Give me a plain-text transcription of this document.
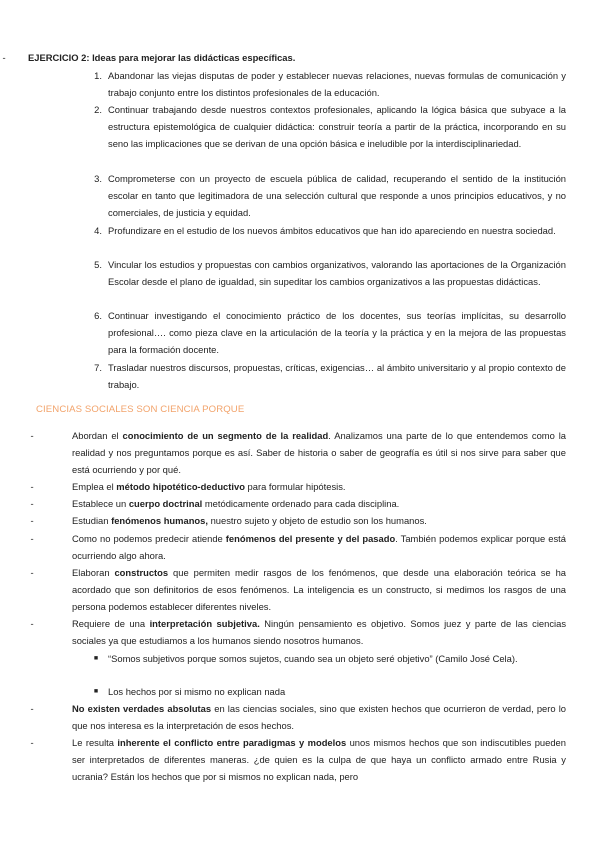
- EJERCICIO 2: Ideas para mejorar las didácticas específicas.
1. Abandonar las viejas disputas de poder y establecer nuevas relaciones, nuevas formulas de comunicación y trabajo conjunto entre los distintos profesionales de la educación.
2. Continuar trabajando desde nuestros contextos profesionales, aplicando la lógica básica que subyace a la estructura epistemológica de cualquier didáctica: construir teoría a partir de la práctica, incorporando en su seno las implicaciones que se derivan de una opción básica e ineludible por la interdisciplinariedad.
3. Comprometerse con un proyecto de escuela pública de calidad, recuperando el sentido de la institución escolar en tanto que legitimadora de una selección cultural que responde a unos principios educativos, y no comerciales, de justicia y equidad.
4. Profundizare en el estudio de los nuevos ámbitos educativos que han ido apareciendo en nuestra sociedad.
5. Vincular los estudios y propuestas con cambios organizativos, valorando las aportaciones de la Organización Escolar desde el plano de igualdad, sin supeditar los cambios organizativos a las propuestas didácticas.
6. Continuar investigando el conocimiento práctico de los docentes, sus teorías implícitas, su desarrollo profesional…. como pieza clave en la articulación de la teoría y la práctica y en la mejora de las propuestas para la formación docente.
7. Trasladar nuestros discursos, propuestas, críticas, exigencias… al ámbito universitario y al propio contexto de trabajo.
CIENCIAS SOCIALES SON CIENCIA PORQUE
-	Abordan el conocimiento de un segmento de la realidad. Analizamos una parte de lo que entendemos como la realidad y nos preguntamos porque es así. Saber de historia o saber de geografía es útil si nos sirve para saber que está ocurriendo y por qué.
-	Emplea el método hipotético-deductivo para formular hipótesis.
-	Establece un cuerpo doctrinal metódicamente ordenado para cada disciplina.
-	Estudian fenómenos humanos, nuestro sujeto y objeto de estudio son los humanos.
-	Como no podemos predecir atiende fenómenos del presente y del pasado. También podemos explicar porque está ocurriendo algo ahora.
-	Elaboran constructos que permiten medir rasgos de los fenómenos, que desde una elaboración teórica se ha acordado que son definitorios de esos fenómenos. La inteligencia es un constructo, si medimos los rasgos de una persona podemos establecer diferentes niveles.
-	Requiere de una interpretación subjetiva. Ningún pensamiento es objetivo. Somos juez y parte de las ciencias sociales ya que estudiamos a los humanos siendo nosotros humanos.
■ “Somos subjetivos porque somos sujetos, cuando sea un objeto seré objetivo” (Camilo José Cela).
■ Los hechos por si mismo no explican nada
-	No existen verdades absolutas en las ciencias sociales, sino que existen hechos que ocurrieron de verdad, pero lo que nos interesa es la interpretación de esos hechos.
-	Le resulta inherente el conflicto entre paradigmas y modelos unos mismos hechos que son indiscutibles pueden ser interpretados de diferentes maneras. ¿de quien es la culpa de que haya un conflicto armado entre Rusia y ucrania? Están los hechos que por si mismos no explican nada, pero
